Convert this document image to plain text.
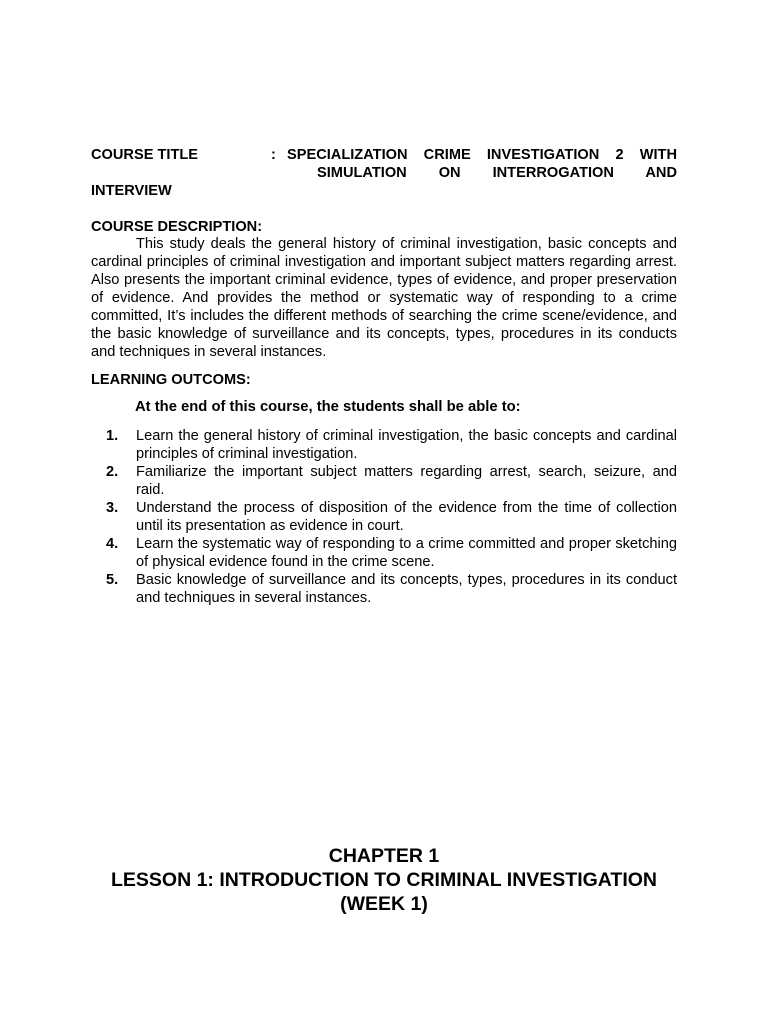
COURSE TITLE	: SPECIALIZATION CRIME INVESTIGATION 2 WITH
SIMULATION ON INTERROGATION AND
INTERVIEW
COURSE DESCRIPTION:

This study deals the general history of criminal investigation, basic concepts and cardinal principles of criminal investigation and important subject matters regarding arrest. Also presents the important criminal evidence, types of evidence, and proper preservation of evidence. And provides the method or systematic way of responding to a crime committed, It’s includes the different methods of searching the crime scene/evidence, and the basic knowledge of surveillance and its concepts, types, procedures in its conducts and techniques in several instances.

LEARNING OUTCOMS:
At the end of this course, the students shall be able to:
1. Learn the general history of criminal investigation, the basic concepts and cardinal principles of criminal investigation.
2. Familiarize the important subject matters regarding arrest, search, seizure, and raid.
3. Understand the process of disposition of the evidence from the time of collection until its presentation as evidence in court.
4. Learn the systematic way of responding to a crime committed and proper sketching of physical evidence found in the crime scene.
5. Basic knowledge of surveillance and its concepts, types, procedures in its conduct and techniques in several instances.
CHAPTER 1
LESSON 1: INTRODUCTION TO CRIMINAL INVESTIGATION
(WEEK 1)
